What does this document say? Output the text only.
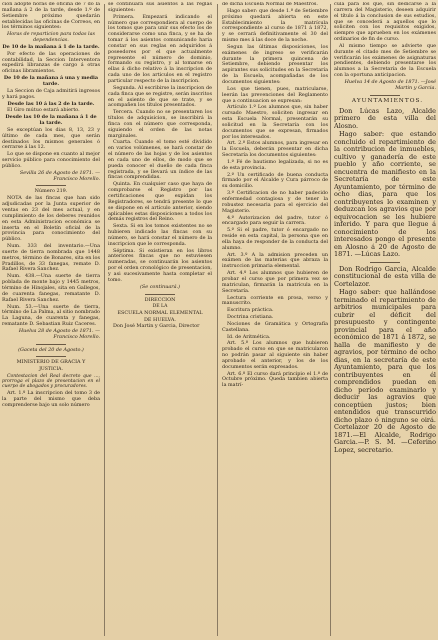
cion adopte horas de oficina de 7 do la mañana á 2 de la tarde, desde 1.º de Setiembre próximo quedarán establecidas las oficinas de Correos, en los términos siguientes:

Horas de reparticion para todas las dependencias.

De 10 de la mañana á 1 de la tarde.

Por efecto de las operaciones de contabilidad, la Seccion Interventora expedirá libranzas de cargo á otras oficinas libramientos.

De 10 de la mañana á una y media tarde.

La Seccion de Caja admitirá ingresos y hará pagos.

Desde las 10 á las 2 de la tarde.

El Giro mútuo estará abierto.

Desde las 10 de la mañana á 1 de la tarde.

Se exceptúan los dias 8, 13, 23 y último de cada mes, que serán destinados los mismos generales ó cerrarse á las 12.

Lo que se dispone en cuanto al mejor servicio público para conocimiento del público.

Sevilla 26 de Agosto de 1871. —Francisco Morello.

Número 219.

NOTA de las fincas que han sido adjudicadas por la Junta superior de ventas en 23 del mes actual, y en cumplimiento de los deberes reunidos en esta Administracion económica se inserta en el Boletín oficial de la provincia para conocimiento del público.

Num. 333 del inventario.—Una suerte de tierra nombrada que 1448 metros, término de Bonares, sita en los Pradillos, de 33 fanegas, remate D. Rafael Rivera Sanchez.

Num. 438.—Una suerte de tierra poblada de monte bajo y 1445 metros, término de Hinojales, sita en Gallegos, de cuarenta fanegas, rematante D. Rafael Rivera Sanchez.

Num. 53.—Una suerte de tierra, término de La Palma, al sitio nombrado La Laguna, de cuarenta y fanegas, rematante D. Sebastian Ruiz Caceres.

Huelva 28 de Agosto de 1871. —Francisco Morello.

(Gaceta del 20 de Agosto.)

MINISTERIO DE GRACIA Y

JUSTICIA.

Contestacion del Real decreto que ..., prorroga el plazo de presentacion en el cuerpo de abogados y procuradores.

Art. 1.º La inscripcion del tomo 3 de la parte del mismo que deba comprenderse bajo un solo número

se continuará sus asientos á las reglas siguientes:

Primera. Empezará indicando el número que correspondiera al cuerpo de los tomos que para unir sus efecto los de considerarse como una finca, y se ha de tomar á los asientos comunicando haria constar en sus reglas en adquiridos á poseedores por el que actualmente represente el número de dominio, formando su registro, y al tomarse en ellas á dicho relativo á la inscripcion de cada uno de los articulos en el registro particular respecto de la inscripcion.

Segunda. Al escribirse la inscripcion de cada finca que se registre, serán inscritos en el asiento de que se trate, y se acompañen los títulos presentados.

Tercera. Cuando no se presentaren los títulos de adquisicion, se inscribirá la finca con el número que corresponda, siguiendo el orden de las notas marginales.

Cuarta. Cuando el tomo esté dividido en varios volúmenes, se hará constar de el número de las hojas y de los asientos en cada uno de ellos, de modo que se pueda conocer el dueño de cada finca registrada, y se llevará un índice de las fincas comprendidas.

Quinta. En cualquier caso que haya de comprobarse el Registro por las certificaciones que expidan los Registradores, se tendrá presente lo que se dispone en el artículo anterior, siendo aplicables estas disposiciones a todos los demás registros del Reino.

Sexta. Si en los tomos existentes no se hubieren indicado las fincas con su número, se hará constar el número de la inscripcion que le corresponda.

Séptima. Si existieran en los libros anteriores fincas que no estuviesen numeradas, se continuarán los asientos por el orden cronológico de presentacion, y asi sucesivamente hasta completar el tomo.

(Se continuará.)

DIRECCION

DE LA

ESCUELA NORMAL ELEMENTAL

DE HUELVA.

Don José Martin y Garcia, Director

de dicha Escuela Normal de Maestros.

Hago saber: que desde 1.º de Setiembre próximo quedará abierta en este Establecimiento la matrícula correspondiente al curso de 1871 á 1872, y se cerrará definitivamente el 30 del mismo mes á las doce de la noche.

Segun las últimas disposiciones, los exámenes de ingreso se verificarán durante la primera quincena de Setiembre, debiendo presentar los aspirantes sus solicitudes en la Secretaría de la Escuela, acompañadas de los documentos siguientes:

Los que tienen, pues, matricularse, leerán las prevenciones del Reglamento que a continuacion se expresan:

Artículo 1.º Los alumnos que, sin haber cursado Maestro, soliciten ingresar en esta Escuela Normal, presentarán su solicitud en la Secretaría con los documentos que se expresan, firmados por los interesados.

Art. 2.º Estos alumnos, para ingresar en la Escuela, deberán presentar en dicha Secretaría los documentos siguientes:

1.º Fé de bautismo legalizada, si no es de esta provincia.

2.º Un certificado de buena conducta firmado por el Alcalde y Cura párroco de su domicilio.

3.º Certificacion de no haber padecido enfermedad contagiosa y de tener la robustez necesaria para el ejercicio del Magisterio.

4.º Autorizacion del padre, tutor ó encargado para seguir la carrera.

5.º Si el padre, tutor ó encargado no reside en esta capital, la persona que en ella haya de responder de la conducta del alumno.

Art. 3.º A la admision preceden un exámen de las materias que abraza la instruccion primaria elemental.

Art. 4.º Los alumnos que hubieren de probar el curso que por primera vez se matriculan, firmarán la matrícula en la Secretaría.

Lectura corriente en prosa, verso y manuscrito.

Escritura práctica.

Doctrina cristiana.

Nociones de Gramática y Ortografía Castellana.

Id. de Aritmética.

Art. 5.º Los alumnos que hubieren probado el curso en que se matricularon no podrán pasar al siguiente sin haber aprobado el anterior, y los de los documentos serán expresados.

Art. 6.º El curso dará principio el 1.º de Octubre próximo. Queda tambien abierta la matrí-

cula para los que, sin dedicarse a la carrera del Magisterio, deseen adquirir el título á la conclusion de sus estudios, que se concederá a aquellos que lo soliciten con los requisitos exigidos, siempre que aprueben en los exámenes ordinarios de fin de curso.

Al mismo tiempo se advierte que durante el citado mes de Setiembre se verificarán los exámenes de asignaturas pendientes, debiendo presentarse los alumnos a la Secretaría de la Escuela con la oportuna anticipacion.

Huelva 14 de Agosto de 1871. —José Martin y Garcia.

AYUNTAMIENTOS.

Don Lúcas Lazo, Alcalde primero de esta villa del Alosno.

Hago saber: que estando concluido el repartimiento de la contribucion de inmuebles, cultivo y ganadería de este pueblo y año corriente, se encuentra de manifiesto en la Secretaría de este Ayuntamiento, por término de ocho dias, para que los contribuyentes lo examinen y deduzcan los agravios que por equivocacion se les hubiere inferido. Y para que llegue á conocimiento de los interesados pongo el presente en Alosno á 20 de Agosto de 1871. —Lúcas Lazo.

Don Rodrigo Garcia, Alcalde constitucional de esta villa de Cortelazor.

Hago saber: que hallándose terminado el repartimiento de arbitrios municipales para cubrir el déficit del presupuesto y contingente provincial para el año económico de 1871 á 1872, se halla de manifiesto y de agravios, por término de ocho dias, en la secretaría de este Ayuntamiento, para que los contribuyentes en él comprendidos puedan en dicho período examinarlo y deducir las agravios que conceptúen justos; bien entendidos que transcurrido dicho plazo ó ninguno se oirá. Cortelazor 20 de Agosto de 1871.—El Alcalde, Rodrigo Garcia.—P. S. M. —Ceferino Lopez, secretario.
